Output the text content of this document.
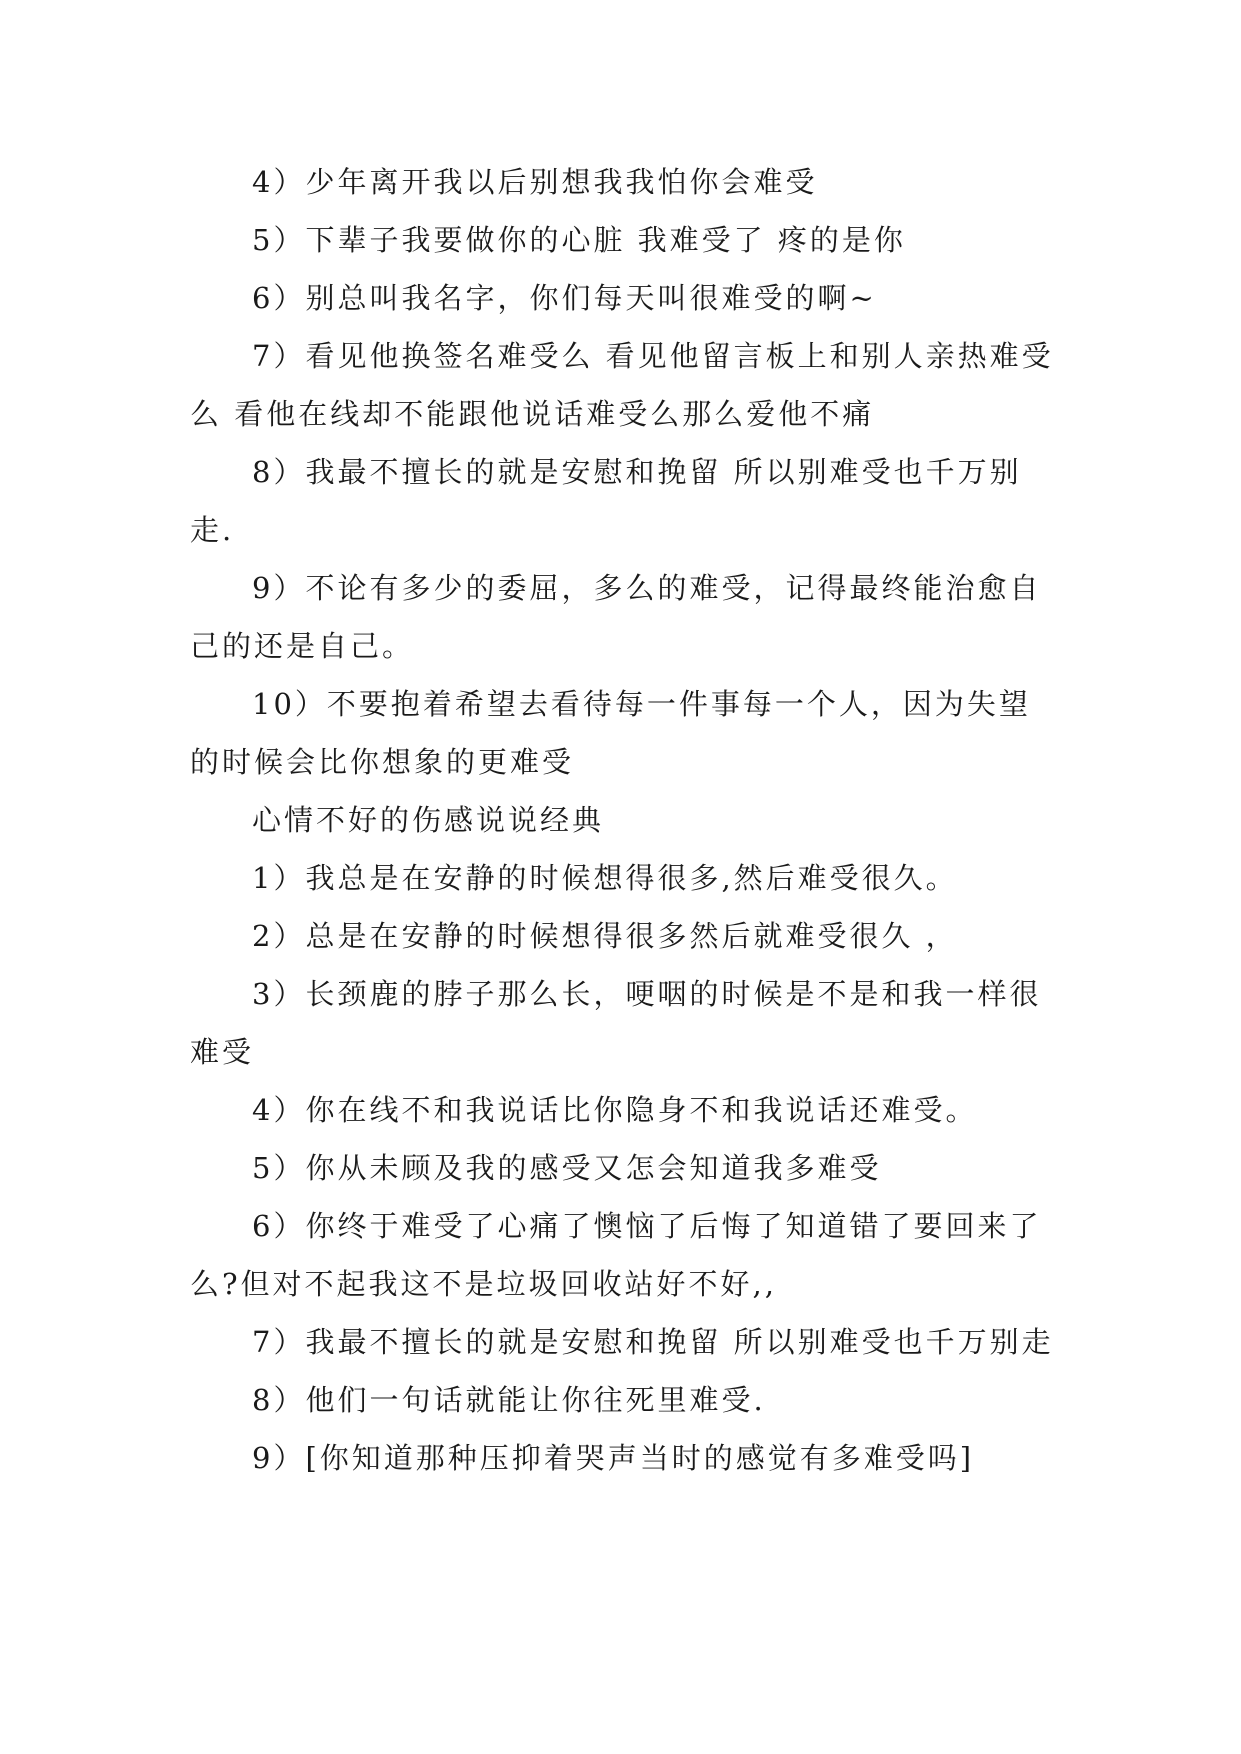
4）少年离开我以后别想我我怕你会难受

5）下辈子我要做你的心脏 我难受了 疼的是你

6）别总叫我名字，你们每天叫很难受的啊~

7）看见他换签名难受么 看见他留言板上和别人亲热难受么 看他在线却不能跟他说话难受么那么爱他不痛

8）我最不擅长的就是安慰和挽留 所以别难受也千万别走.

9）不论有多少的委屈，多么的难受，记得最终能治愈自己的还是自己。

10）不要抱着希望去看待每一件事每一个人，因为失望的时候会比你想象的更难受

心情不好的伤感说说经典

1）我总是在安静的时候想得很多,然后难受很久。

2）总是在安静的时候想得很多然后就难受很久 ，

3）长颈鹿的脖子那么长，哽咽的时候是不是和我一样很难受

4）你在线不和我说话比你隐身不和我说话还难受。

5）你从未顾及我的感受又怎会知道我多难受

6）你终于难受了心痛了懊恼了后悔了知道错了要回来了么?但对不起我这不是垃圾回收站好不好,,

7）我最不擅长的就是安慰和挽留 所以别难受也千万别走

8）他们一句话就能让你往死里难受.

9）[你知道那种压抑着哭声当时的感觉有多难受吗]
